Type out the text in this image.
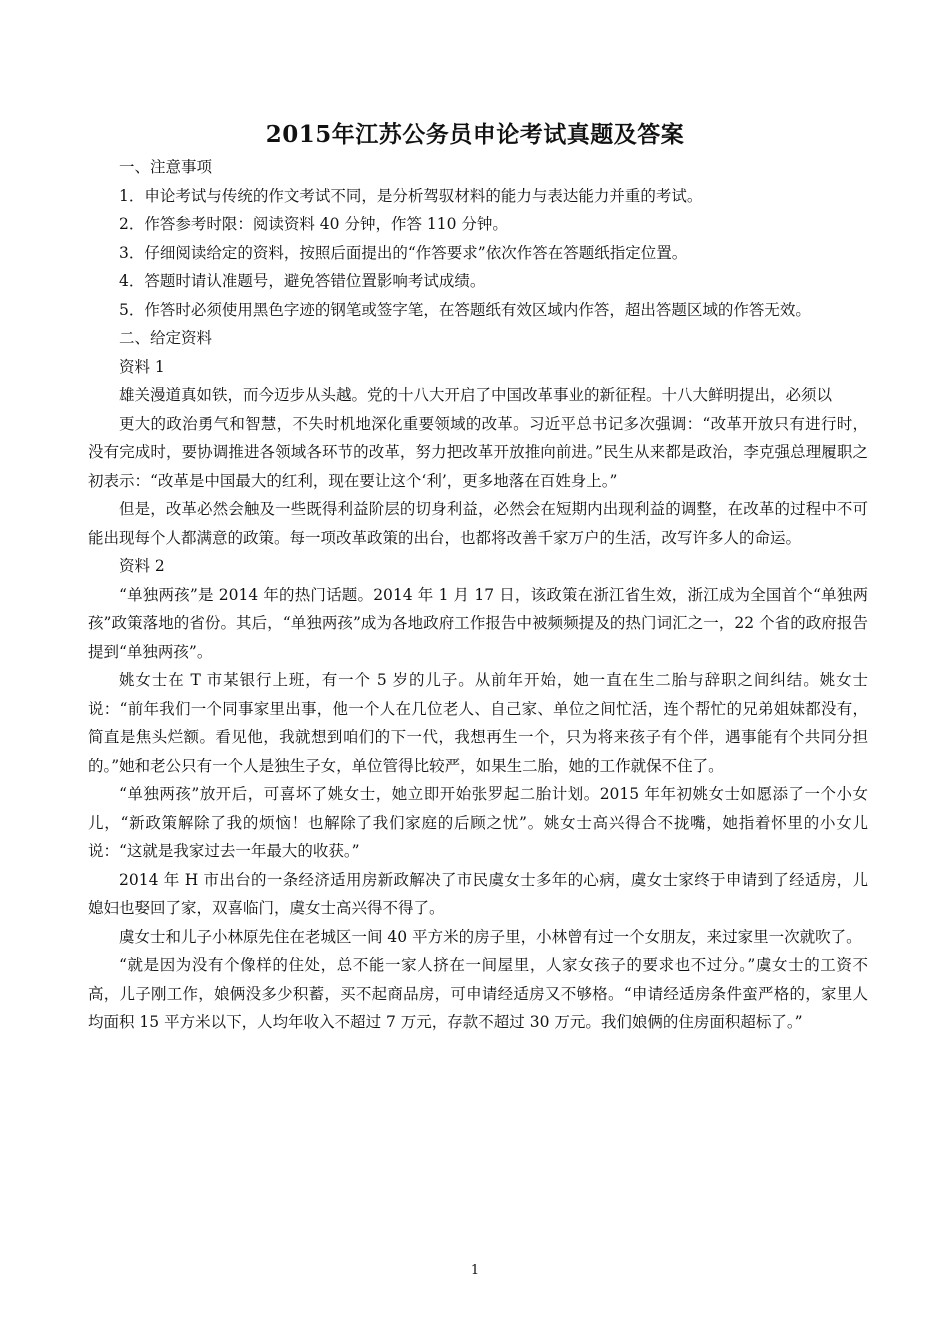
2015年江苏公务员申论考试真题及答案

一、注意事项

1．申论考试与传统的作文考试不同，是分析驾驭材料的能力与表达能力并重的考试。

2．作答参考时限：阅读资料 40 分钟，作答 110 分钟。

3．仔细阅读给定的资料，按照后面提出的“作答要求”依次作答在答题纸指定位置。

4．答题时请认准题号，避免答错位置影响考试成绩。

5．作答时必须使用黑色字迹的钢笔或签字笔，在答题纸有效区域内作答，超出答题区域的作答无效。

二、给定资料

资料 1

雄关漫道真如铁，而今迈步从头越。党的十八大开启了中国改革事业的新征程。十八大鲜明提出，必须以

更大的政治勇气和智慧，不失时机地深化重要领域的改革。习近平总书记多次强调：“改革开放只有进行时，没有完成时，要协调推进各领域各环节的改革，努力把改革开放推向前进。”民生从来都是政治，李克强总理履职之初表示：“改革是中国最大的红利，现在要让这个‘利’，更多地落在百姓身上。”

但是，改革必然会触及一些既得利益阶层的切身利益，必然会在短期内出现利益的调整，在改革的过程中不可能出现每个人都满意的政策。每一项改革政策的出台，也都将改善千家万户的生活，改写许多人的命运。

资料 2

“单独两孩”是 2014 年的热门话题。2014 年 1 月 17 日，该政策在浙江省生效，浙江成为全国首个“单独两孩”政策落地的省份。其后，“单独两孩”成为各地政府工作报告中被频频提及的热门词汇之一，22 个省的政府报告提到“单独两孩”。

姚女士在 T 市某银行上班，有一个 5 岁的儿子。从前年开始，她一直在生二胎与辞职之间纠结。姚女士说：“前年我们一个同事家里出事，他一个人在几位老人、自己家、单位之间忙活，连个帮忙的兄弟姐妹都没有，简直是焦头烂额。看见他，我就想到咱们的下一代，我想再生一个，只为将来孩子有个伴，遇事能有个共同分担的。”她和老公只有一个人是独生子女，单位管得比较严，如果生二胎，她的工作就保不住了。

“单独两孩”放开后，可喜坏了姚女士，她立即开始张罗起二胎计划。2015 年年初姚女士如愿添了一个小女儿，“新政策解除了我的烦恼！也解除了我们家庭的后顾之忧”。姚女士高兴得合不拢嘴，她指着怀里的小女儿说：“这就是我家过去一年最大的收获。”

2014 年 H 市出台的一条经济适用房新政解决了市民虞女士多年的心病，虞女士家终于申请到了经适房，儿媳妇也娶回了家，双喜临门，虞女士高兴得不得了。

虞女士和儿子小林原先住在老城区一间 40 平方米的房子里，小林曾有过一个女朋友，来过家里一次就吹了。

“就是因为没有个像样的住处，总不能一家人挤在一间屋里，人家女孩子的要求也不过分。”虞女士的工资不高，儿子刚工作，娘俩没多少积蓄，买不起商品房，可申请经适房又不够格。“申请经适房条件蛮严格的，家里人均面积 15 平方米以下，人均年收入不超过 7 万元，存款不超过 30 万元。我们娘俩的住房面积超标了。”

1
